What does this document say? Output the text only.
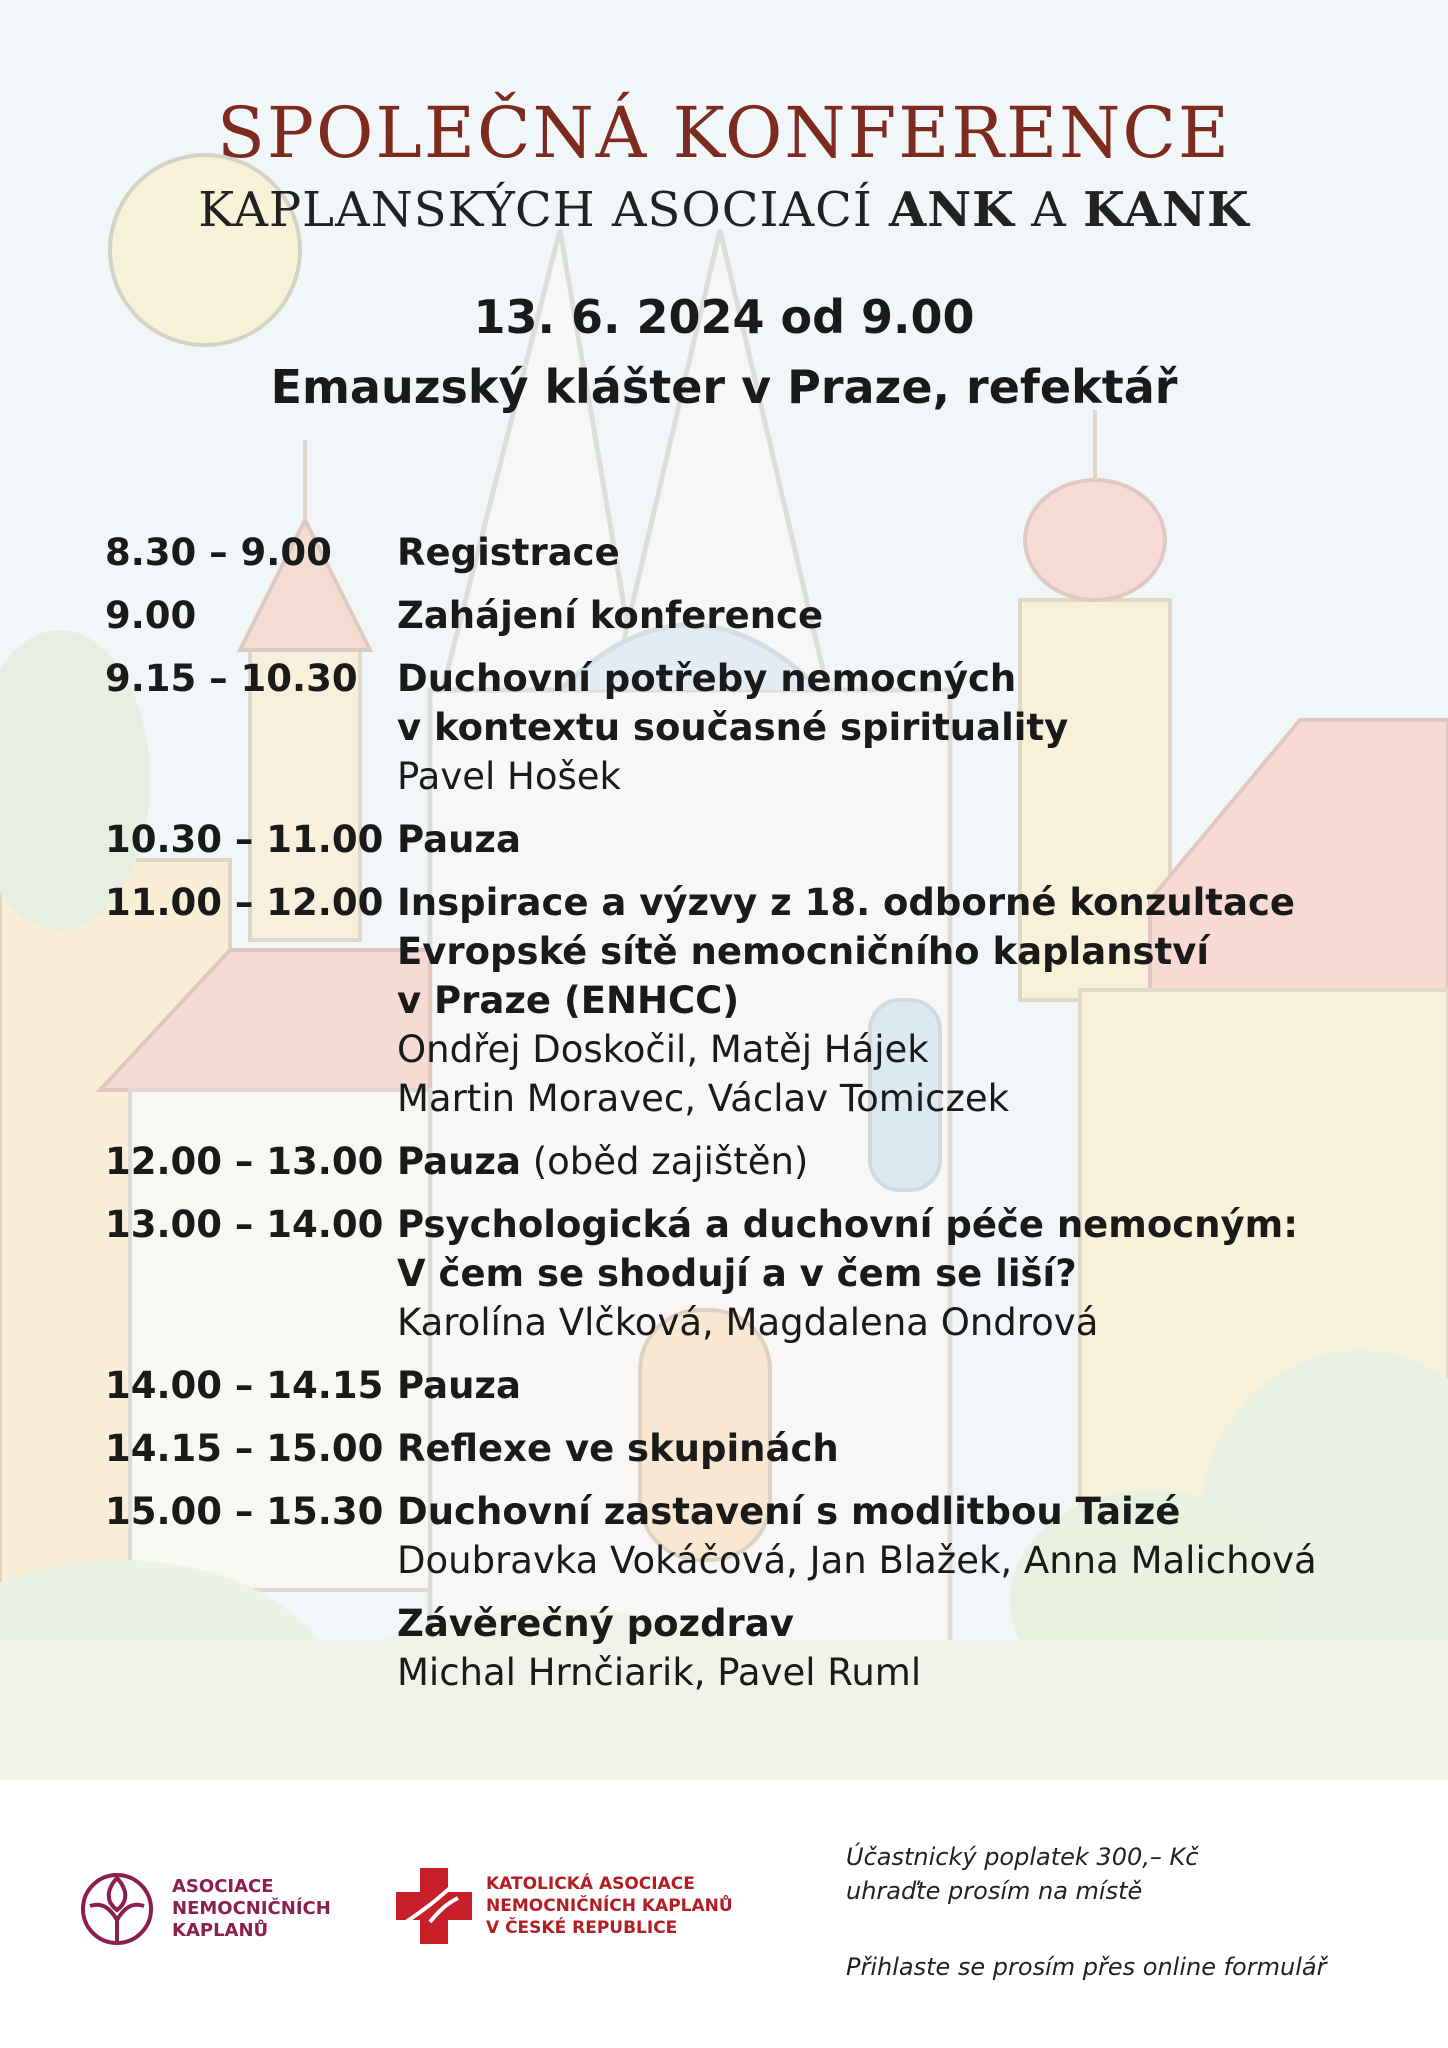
SPOLEČNÁ KONFERENCE
KAPLANSKÝCH ASOCIACÍ ANK A KANK
13. 6. 2024 od 9.00
Emauzský klášter v Praze, refektář
8.30 – 9.00	Registrace
9.00	Zahájení konference
9.15 – 10.30	Duchovní potřeby nemocných
v kontextu současné spirituality
Pavel Hošek
10.30 – 11.00 Pauza
11.00 – 12.00 Inspirace a výzvy z 18. odborné konzultace
Evropské sítě nemocničního kaplanství
v Praze (ENHCC)
Ondřej Doskočil, Matěj Hájek
Martin Moravec, Václav Tomiczek
12.00 – 13.00 Pauza (oběd zajištěn)
13.00 – 14.00 Psychologická a duchovní péče nemocným:
V čem se shodují a v čem se liší?
Karolína Vlčková, Magdalena Ondrová
14.00 – 14.15 Pauza
14.15 – 15.00 Reflexe ve skupinách
15.00 – 15.30 Duchovní zastavení s modlitbou Taizé
Doubravka Vokáčová, Jan Blažek, Anna Malichová
Závěrečný pozdrav
Michal Hrnčiarik, Pavel Ruml
ASOCIACE
NEMOCNIČNÍCH
KAPLANŮ
KATOLICKÁ ASOCIACE
NEMOCNIČNÍCH KAPLANŮ
V ČESKÉ REPUBLICE
Účastnický poplatek 300,– Kč
uhraďte prosím na místě
Přihlaste se prosím přes online formulář
